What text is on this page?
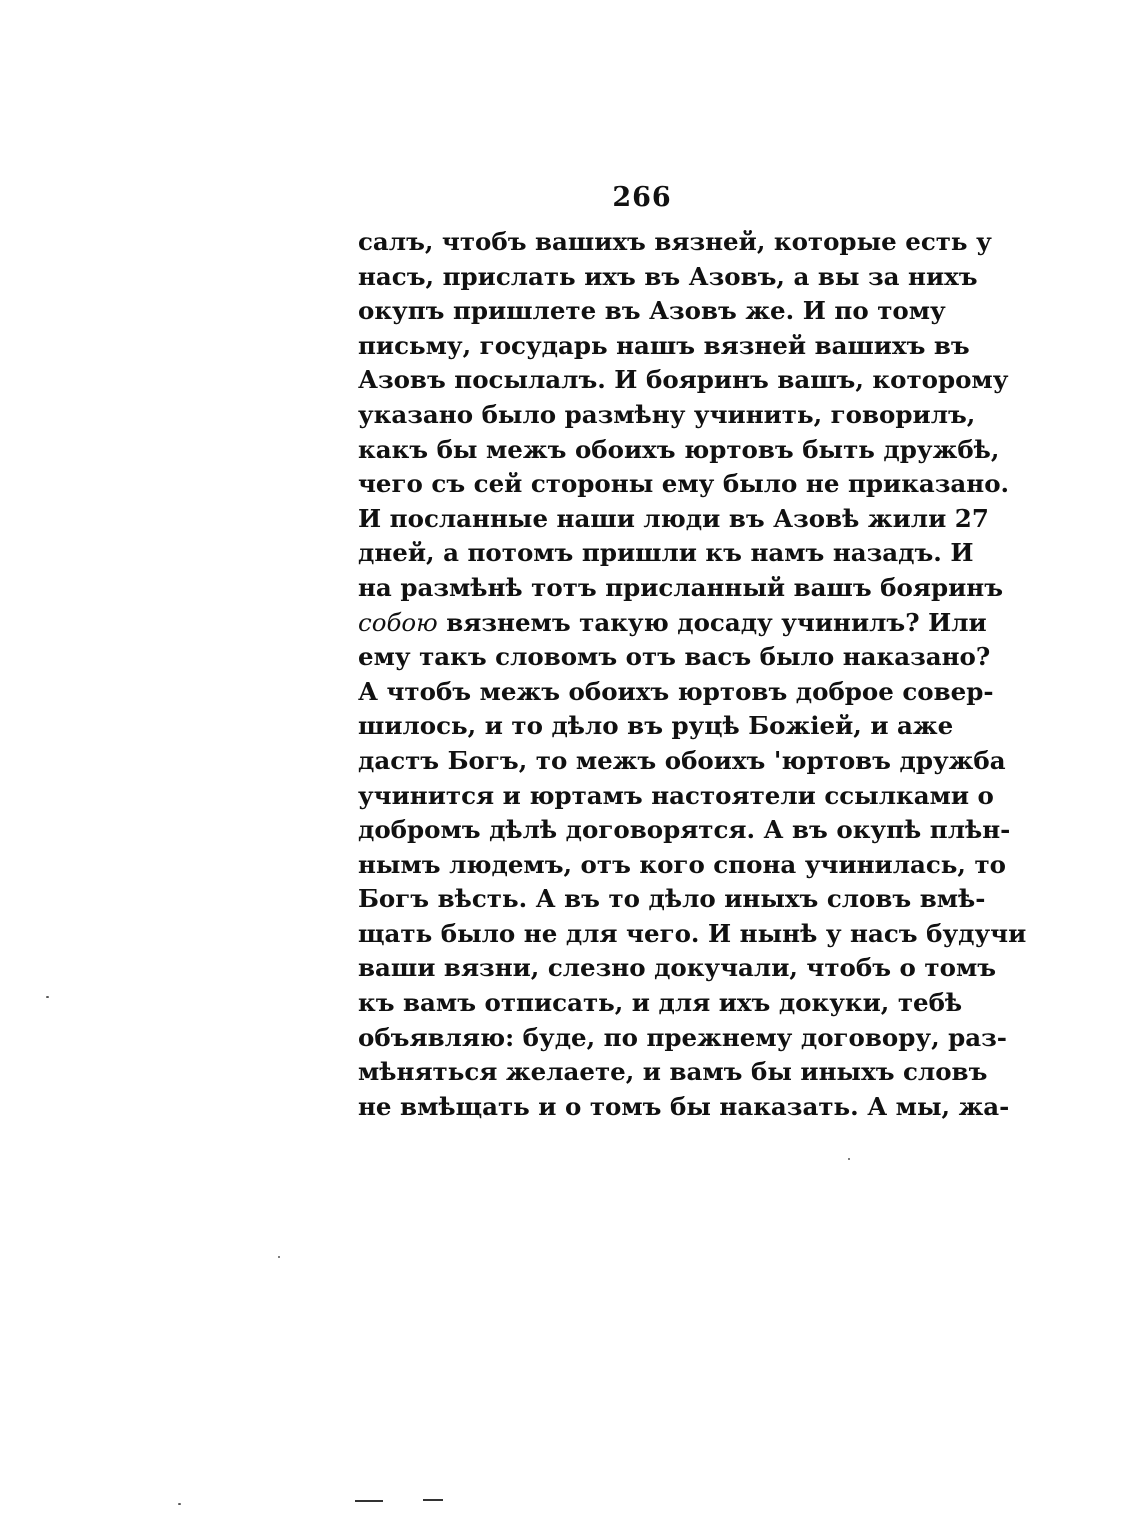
266
салъ, чтобъ вашихъ вязней, которые есть у
насъ, прислать ихъ въ Азовъ, а вы за нихъ
окупъ пришлете въ Азовъ же. И по тому
письму, государь нашъ вязней вашихъ въ
Азовъ посылалъ. И бояринъ вашъ, которому
указано было размѣну учинить, говорилъ,
какъ бы межъ обоихъ юртовъ быть дружбѣ,
чего съ сей стороны ему было не приказано.
И посланные наши люди въ Азовѣ жили 27
дней, а потомъ пришли къ намъ назадъ. И
на размѣнѣ тотъ присланный вашъ бояринъ
собою вязнемъ такую досаду учинилъ? Или
ему такъ словомъ отъ васъ было наказано?
А чтобъ межъ обоихъ юртовъ доброе совер-
шилось, и то дѣло въ руцѣ Божiей, и аже
дастъ Богъ, то межъ обоихъ 'юртовъ дружба
учинится и юртамъ настоятели ссылками о
добромъ дѣлѣ договорятся. А въ окупѣ плѣн-
нымъ людемъ, отъ кого спона учинилась, то
Богъ вѣсть. А въ то дѣло иныхъ словъ вмѣ-
щать было не для чего. И нынѣ у насъ будучи
ваши вязни, слезно докучали, чтобъ о томъ
къ вамъ отписать, и для ихъ докуки, тебѣ
объявляю: буде, по прежнему договору, раз-
мѣняться желаете, и вамъ бы иныхъ словъ
не вмѣщать и о томъ бы наказать. А мы, жа-
